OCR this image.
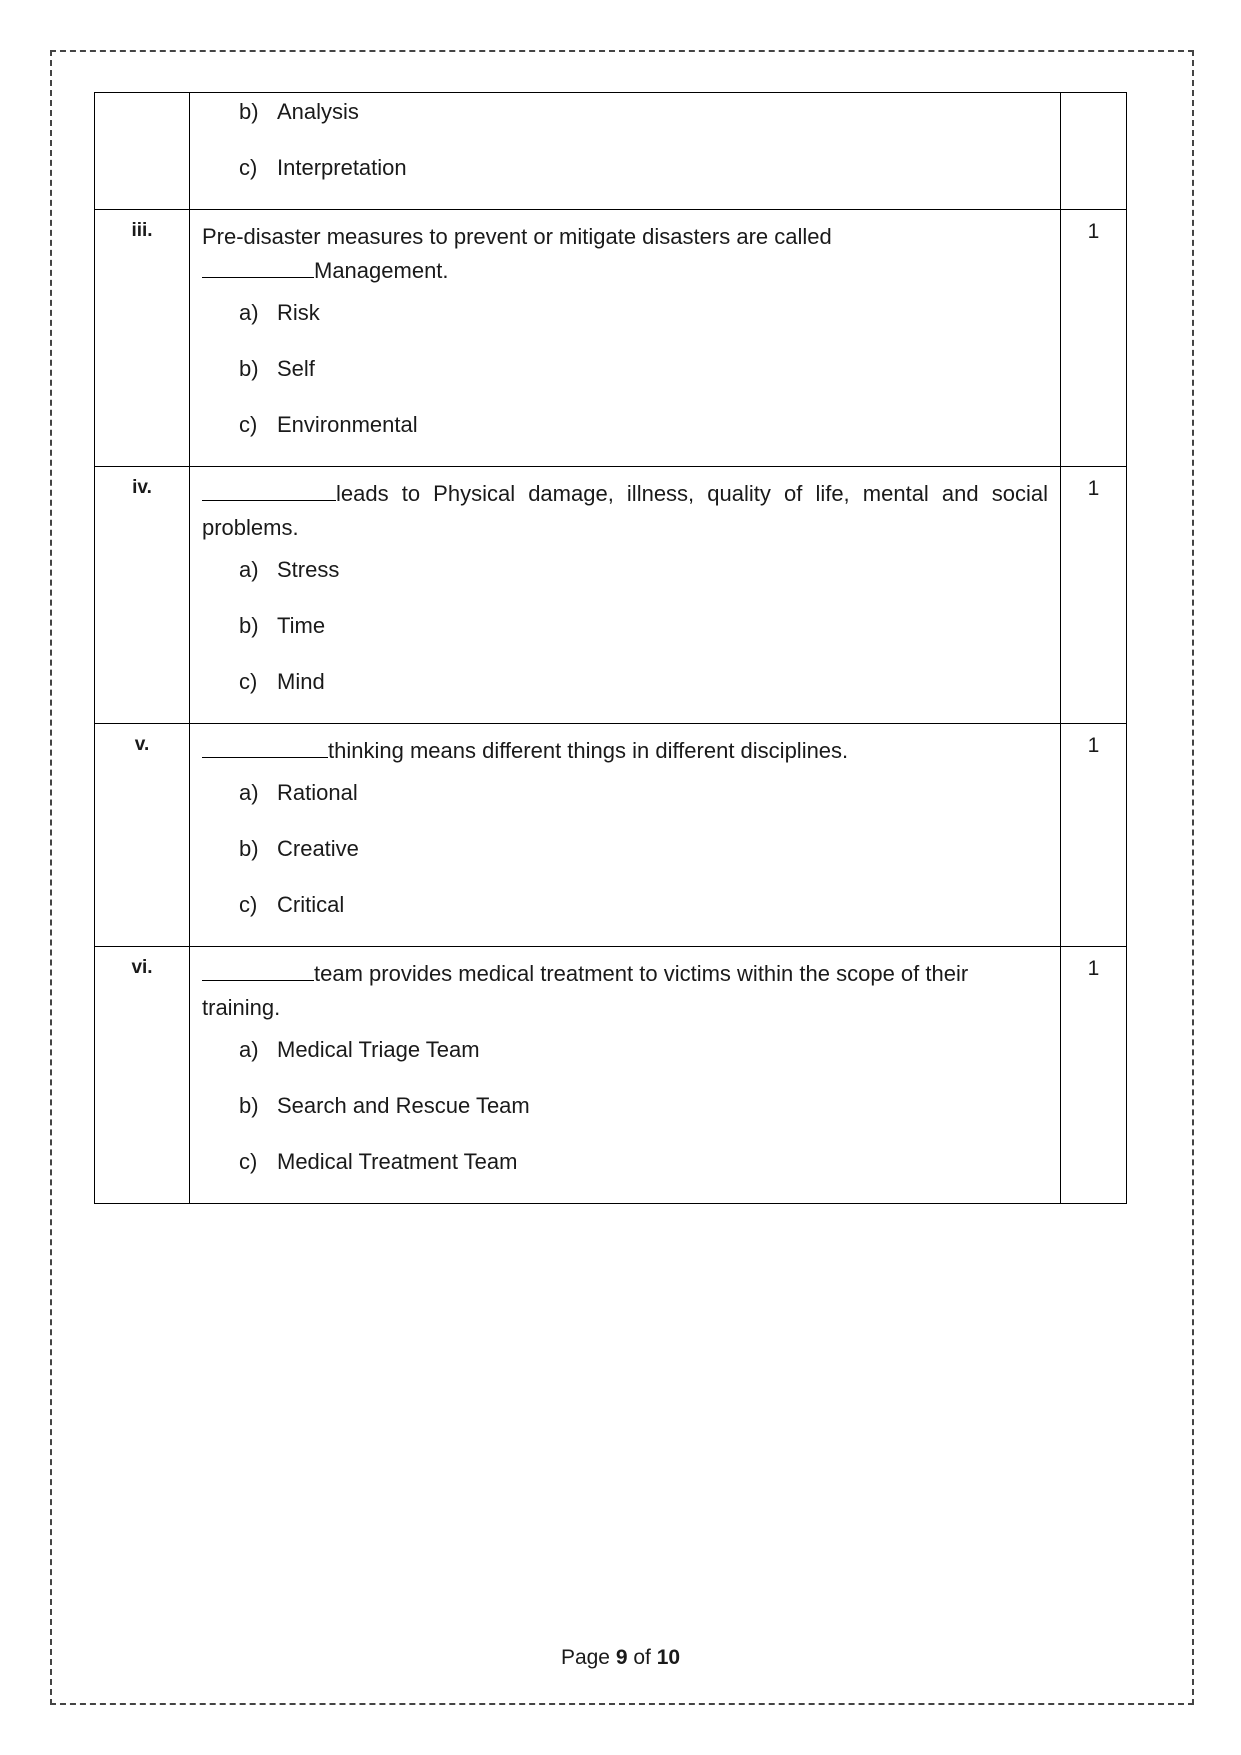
	b) Analysis
c) Interpretation	

iii.	Pre-disaster measures to prevent or mitigate disasters are called
Management.

a) Risk
b) Self
c) Environmental	1
iv.	leads to Physical damage, illness, quality of life, mental and social problems.

a) Stress
b) Time
c) Mind	1
v.	thinking means different things in different disciplines.

a) Rational
b) Creative
c) Critical	1
vi.	team provides medical treatment to victims within the scope of their training.

a) Medical Triage Team
b) Search and Rescue Team
c) Medical Treatment Team	1
Page 9 of 10
